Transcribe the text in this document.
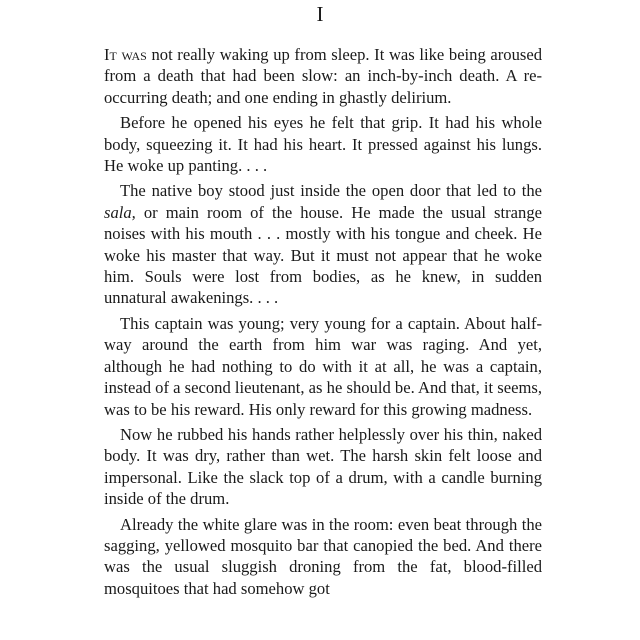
I

It was not really waking up from sleep. It was like being aroused from a death that had been slow: an inch-by-inch death. A re-occurring death; and one ending in ghastly delirium.

Before he opened his eyes he felt that grip. It had his whole body, squeezing it. It had his heart. It pressed against his lungs. He woke up panting. . . .

The native boy stood just inside the open door that led to the sala, or main room of the house. He made the usual strange noises with his mouth . . . mostly with his tongue and cheek. He woke his master that way. But it must not appear that he woke him. Souls were lost from bodies, as he knew, in sudden unnatural awakenings. . . .

This captain was young; very young for a captain. About half-way around the earth from him war was raging. And yet, although he had nothing to do with it at all, he was a captain, instead of a second lieutenant, as he should be. And that, it seems, was to be his reward. His only reward for this growing madness.

Now he rubbed his hands rather helplessly over his thin, naked body. It was dry, rather than wet. The harsh skin felt loose and impersonal. Like the slack top of a drum, with a candle burning inside of the drum.

Already the white glare was in the room: even beat through the sagging, yellowed mosquito bar that canopied the bed. And there was the usual sluggish droning from the fat, blood-filled mosquitoes that had somehow got
